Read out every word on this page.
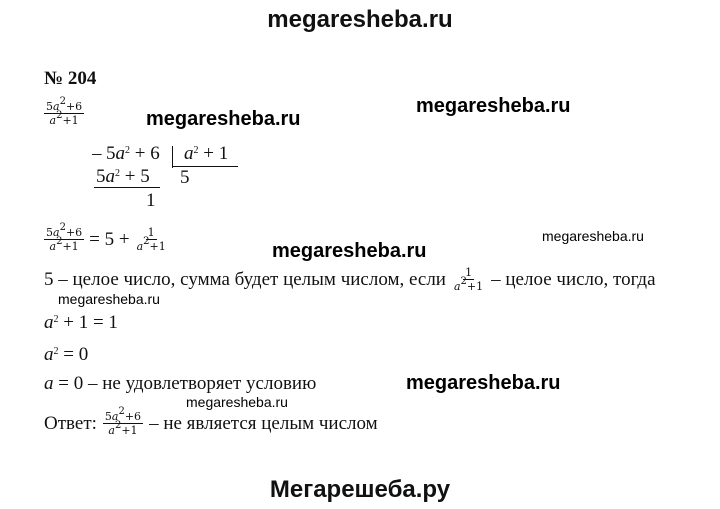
megaresheba.ru
№ 204
$\frac{5a^2+6}{a^2+1}$	megaresheba.ru
megaresheba.ru
– $5a^2 + 6$ $a^2 + 1$
$5a^2 + 5$ 5
1
$\frac{5a^2+6}{a^2+1} = 5 + \frac{1}{a^2+1}$	megaresheba.ru
megaresheba.ru
5 – целое число, сумма будет целым числом, если $\frac{1}{a^2+1}$ – целое число, тогда
megaresheba.ru
$a^2 + 1 = 1$
$a^2 = 0$
a = 0 – не удовлетворяет условию	megaresheba.ru
megaresheba.ru
Ответ: $\frac{5a^2+6}{a^2+1}$ – не является целым числом
Мегарешеба.ру
